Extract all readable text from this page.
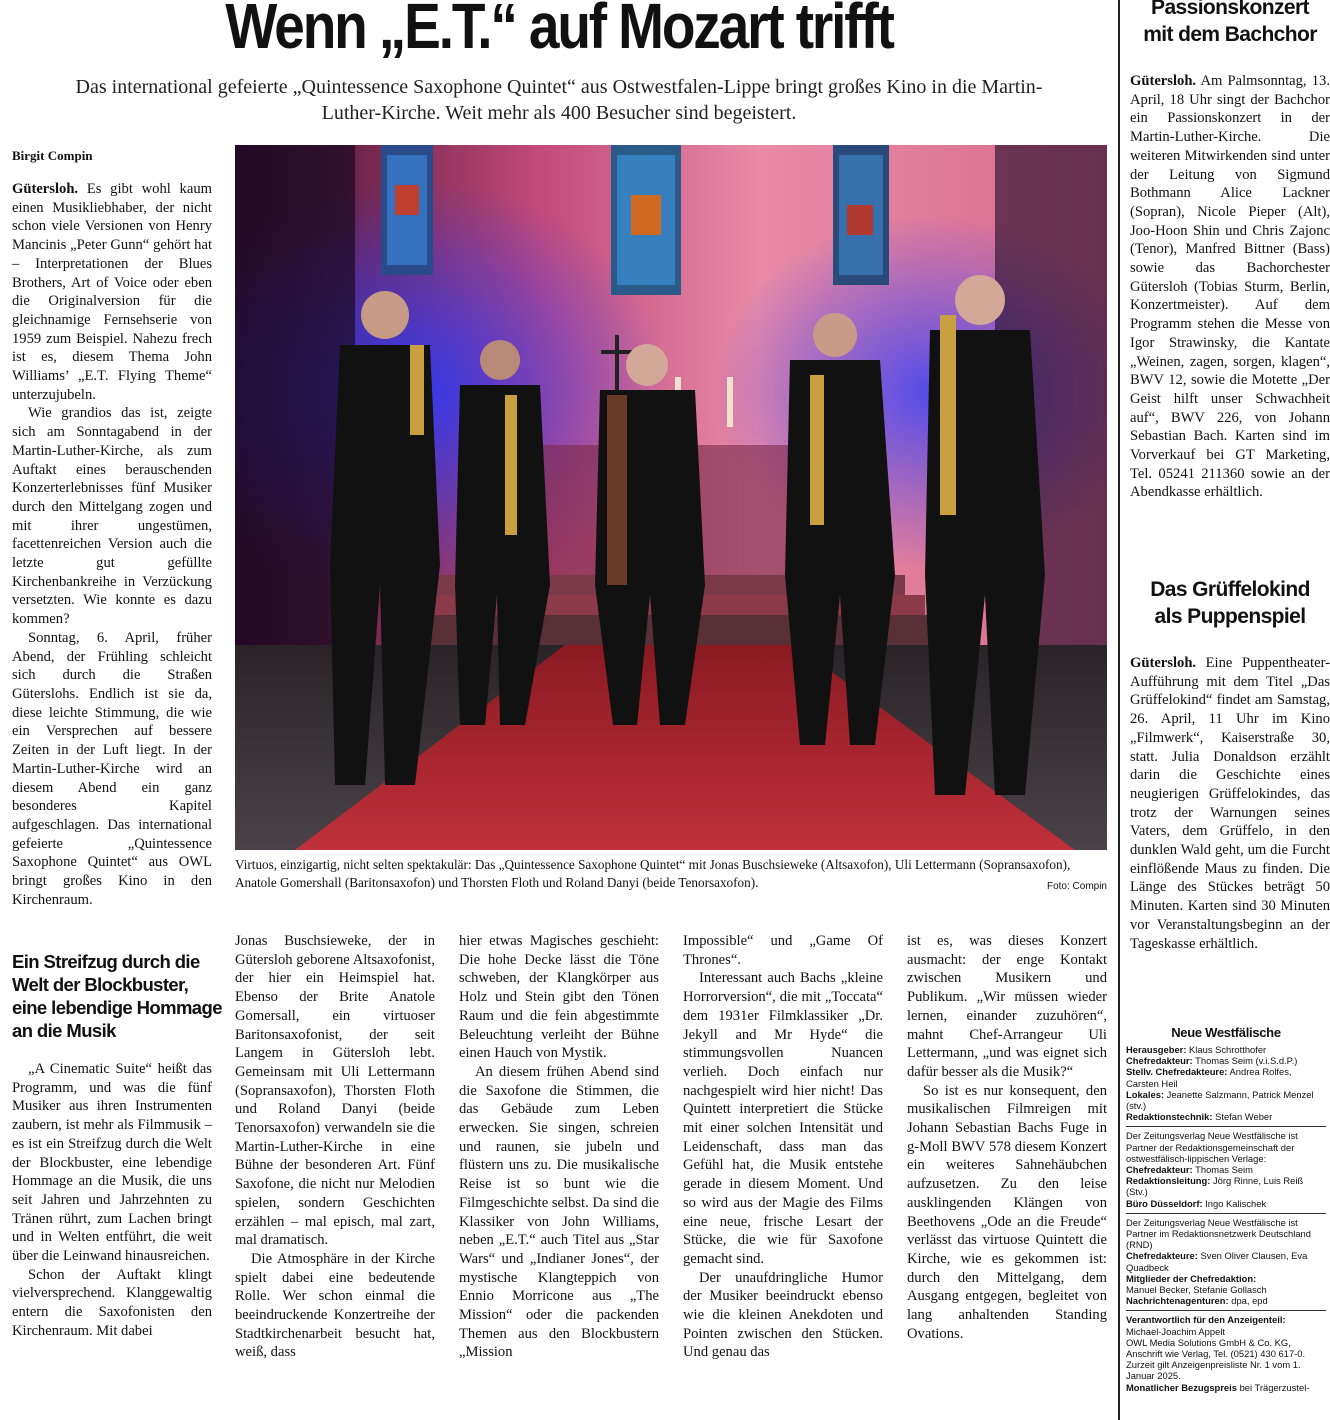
Wenn „E.T.“ auf Mozart trifft
Das international gefeierte „Quintessence Saxophone Quintet“ aus Ostwestfalen-Lippe bringt großes Kino in die Martin-Luther-Kirche. Weit mehr als 400 Besucher sind begeistert.
Birgit Compin

Gütersloh. Es gibt wohl kaum einen Musikliebhaber, der nicht schon viele Versionen von Henry Mancinis „Peter Gunn“ gehört hat – Interpretationen der Blues Brothers, Art of Voice oder eben die Originalversion für die gleichnamige Fernsehserie von 1959 zum Beispiel. Nahezu frech ist es, diesem Thema John Williams’ „E.T. Flying Theme“ unterzujubeln.

Wie grandios das ist, zeigte sich am Sonntagabend in der Martin-Luther-Kirche, als zum Auftakt eines berauschenden Konzerterlebnisses fünf Musiker durch den Mittelgang zogen und mit ihrer ungestümen, facettenreichen Version auch die letzte gut gefüllte Kirchenbankreihe in Verzückung versetzten. Wie konnte es dazu kommen?

Sonntag, 6. April, früher Abend, der Frühling schleicht sich durch die Straßen Güterslohs. Endlich ist sie da, diese leichte Stimmung, die wie ein Versprechen auf bessere Zeiten in der Luft liegt. In der Martin-Luther-Kirche wird an diesem Abend ein ganz besonderes Kapitel aufgeschlagen. Das international gefeierte „Quintessence Saxophone Quintet“ aus OWL bringt großes Kino in den Kirchenraum.

Ein Streifzug durch die Welt der Blockbuster, eine lebendige Hommage an die Musik

„A Cinematic Suite“ heißt das Programm, und was die fünf Musiker aus ihren Instrumenten zaubern, ist mehr als Filmmusik – es ist ein Streifzug durch die Welt der Blockbuster, eine lebendige Hommage an die Musik, die uns seit Jahren und Jahrzehnten zu Tränen rührt, zum Lachen bringt und in Welten entführt, die weit über die Leinwand hinausreichen.

Schon der Auftakt klingt vielversprechend. Klanggewaltig entern die Saxofonisten den Kirchenraum. Mit dabei

Jonas Buschsieweke, der in Gütersloh geborene Altsaxofonist, der hier ein Heimspiel hat. Ebenso der Brite Anatole Gomersall, ein virtuoser Baritonsaxofonist, der seit Langem in Gütersloh lebt. Gemeinsam mit Uli Lettermann (Sopransaxofon), Thorsten Floth und Roland Danyi (beide Tenorsaxofon) verwandeln sie die Martin-Luther-Kirche in eine Bühne der besonderen Art. Fünf Saxofone, die nicht nur Melodien spielen, sondern Geschichten erzählen – mal episch, mal zart, mal dramatisch.

Die Atmosphäre in der Kirche spielt dabei eine bedeutende Rolle. Wer schon einmal die beeindruckende Konzertreihe der Stadtkirchenarbeit besucht hat, weiß, dass

hier etwas Magisches geschieht: Die hohe Decke lässt die Töne schweben, der Klangkörper aus Holz und Stein gibt den Tönen Raum und die fein abgestimmte Beleuchtung verleiht der Bühne einen Hauch von Mystik.

An diesem frühen Abend sind die Saxofone die Stimmen, die das Gebäude zum Leben erwecken. Sie singen, schreien und raunen, sie jubeln und flüstern uns zu. Die musikalische Reise ist so bunt wie die Filmgeschichte selbst. Da sind die Klassiker von John Williams, neben „E.T.“ auch Titel aus „Star Wars“ und „Indianer Jones“, der mystische Klangteppich von Ennio Morricone aus „The Mission“ oder die packenden Themen aus den Blockbustern „Mission

Impossible“ und „Game Of Thrones“.

Interessant auch Bachs „kleine Horrorversion“, die mit „Toccata“ dem 1931er Filmklassiker „Dr. Jekyll and Mr Hyde“ die stimmungsvollen Nuancen verlieh. Doch einfach nur nachgespielt wird hier nicht! Das Quintett interpretiert die Stücke mit einer solchen Intensität und Leidenschaft, dass man das Gefühl hat, die Musik entstehe gerade in diesem Moment. Und so wird aus der Magie des Films eine neue, frische Lesart der Stücke, die wie für Saxofone gemacht sind.

Der unaufdringliche Humor der Musiker beeindruckt ebenso wie die kleinen Anekdoten und Pointen zwischen den Stücken. Und genau das

ist es, was dieses Konzert ausmacht: der enge Kontakt zwischen Musikern und Publikum. „Wir müssen wieder lernen, einander zuzuhören“, mahnt Chef-Arrangeur Uli Lettermann, „und was eignet sich dafür besser als die Musik?“

So ist es nur konsequent, den musikalischen Filmreigen mit Johann Sebastian Bachs Fuge in g-Moll BWV 578 diesem Konzert ein weiteres Sahnehäubchen aufzusetzen. Zu den leise ausklingenden Klängen von Beethovens „Ode an die Freude“ verlässt das virtuose Quintett die Kirche, wie es gekommen ist: durch den Mittelgang, dem Ausgang entgegen, begleitet von lang anhaltenden Standing Ovations.

Virtuos, einzigartig, nicht selten spektakulär: Das „Quintessence Saxophone Quintet“ mit Jonas Buschsieweke (Altsaxofon), Uli Lettermann (Sopransaxofon), Anatole Gomershall (Baritonsaxofon) und Thorsten Floth und Roland Danyi (beide Tenorsaxofon).	Foto: Compin
Passionskonzert
mit dem Bachchor
Gütersloh. Am Palmsonntag, 13. April, 18 Uhr singt der Bachchor ein Passionskonzert in der Martin-Luther-Kirche. Die weiteren Mitwirkenden sind unter der Leitung von Sigmund Bothmann Alice Lackner (Sopran), Nicole Pieper (Alt), Joo-Hoon Shin und Chris Zajonc (Tenor), Manfred Bittner (Bass) sowie das Bachorchester Gütersloh (Tobias Sturm, Berlin, Konzertmeister). Auf dem Programm stehen die Messe von Igor Strawinsky, die Kantate „Weinen, zagen, sorgen, klagen“, BWV 12, sowie die Motette „Der Geist hilft unser Schwachheit auf“, BWV 226, von Johann Sebastian Bach. Karten sind im Vorverkauf bei GT Marketing, Tel. 05241 211360 sowie an der Abendkasse erhältlich.
Das Grüffelokind
als Puppenspiel
Gütersloh. Eine Puppentheater-Aufführung mit dem Titel „Das Grüffelokind“ findet am Samstag, 26. April, 11 Uhr im Kino „Filmwerk“, Kaiserstraße 30, statt. Julia Donaldson erzählt darin die Geschichte eines neugierigen Grüffelokindes, das trotz der Warnungen seines Vaters, dem Grüffelo, in den dunklen Wald geht, um die Furcht einflößende Maus zu finden. Die Länge des Stückes beträgt 50 Minuten. Karten sind 30 Minuten vor Veranstaltungsbeginn an der Tageskasse erhältlich.
Neue Westfälische
Herausgeber: Klaus Schrotthofer
Chefredakteur: Thomas Seim (v.i.S.d.P.)
Stellv. Chefredakteure: Andrea Rolfes, Carsten Heil
Lokales: Jeanette Salzmann, Patrick Menzel (stv.)
Redaktionstechnik: Stefan Weber
Der Zeitungsverlag Neue Westfälische ist Partner der Redaktionsgemeinschaft der ostwestfälisch-lippischen Verlage:
Chefredakteur: Thomas Seim
Redaktionsleitung: Jörg Rinne, Luis Reiß (Stv.)
Büro Düsseldorf: Ingo Kalischek
Der Zeitungsverlag Neue Westfälische ist Partner im Redaktionsnetzwerk Deutschland (RND)
Chefredakteure: Sven Oliver Clausen, Eva Quadbeck
Mitglieder der Chefredaktion:
Manuel Becker, Stefanie Gollasch
Nachrichtenagenturen: dpa, epd
Verantwortlich für den Anzeigenteil:
Michael-Joachim Appelt
OWL Media Solutions GmbH & Co. KG, Anschrift wie Verlag, Tel. (0521) 430 617-0. Zurzeit gilt Anzeigenpreisliste Nr. 1 vom 1. Januar 2025.
Monatlicher Bezugspreis bei Trägerzustel-
